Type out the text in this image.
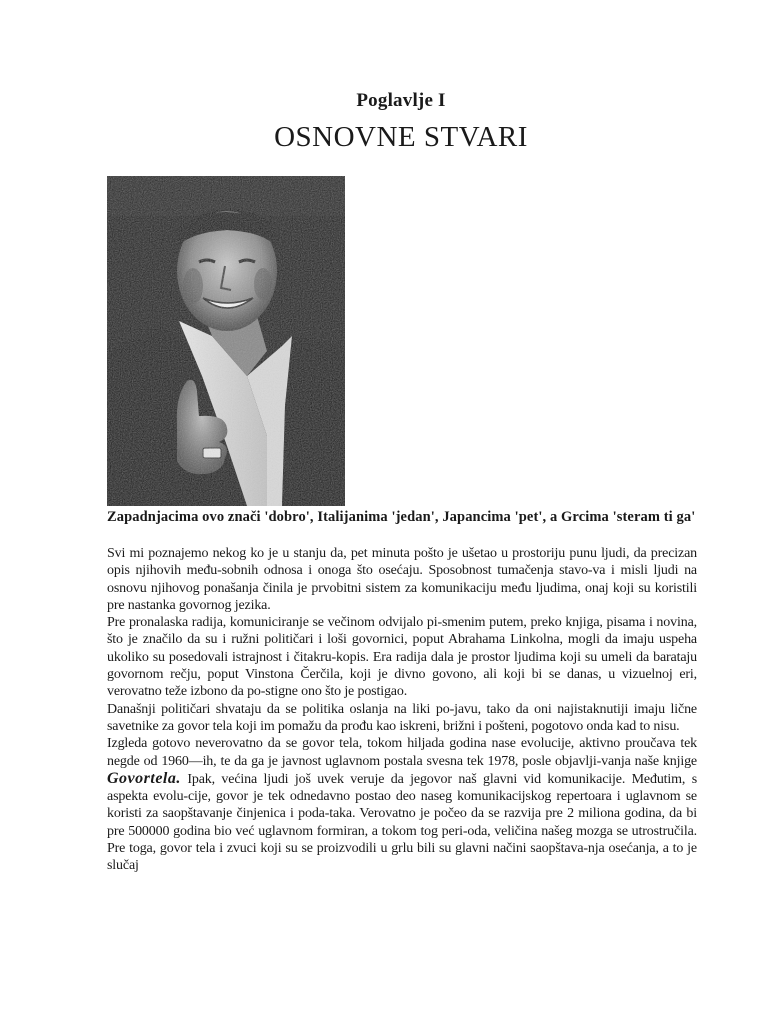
Poglavlje I
OSNOVNE STVARI
Zapadnjacima ovo znači 'dobro', Italijanima 'jedan', Japancima 'pet', a Grcima 'steram ti ga'

Svi mi poznajemo nekog ko je u stanju da, pet minuta pošto je ušetao u prostoriju punu ljudi, da precizan opis njihovih među-sobnih odnosa i onoga što osećaju. Sposobnost tumačenja stavo-va i misli ljudi na osnovu njihovog ponašanja činila je prvobitni sistem za komunikaciju među ljudima, onaj koji su koristili pre nastanka govornog jezika.

Pre pronalaska radija, komuniciranje se večinom odvijalo pi-smenim putem, preko knjiga, pisama i novina, što je značilo da su i ružni političari i loši govornici, poput Abrahama Linkolna, mogli da imaju uspeha ukoliko su posedovali istrajnost i čitakru-kopis. Era radija dala je prostor ljudima koji su umeli da barataju govornom rečju, poput Vinstona Čerčila, koji je divno govono, ali koji bi se danas, u vizuelnoj eri, verovatno teže izbono da po-stigne ono što je postigao.

Današnji političari shvataju da se politika oslanja na liki po-javu, tako da oni najistaknutiji imaju lične savetnike za govor tela koji im pomažu da prođu kao iskreni, brižni i pošteni, pogotovo onda kad to nisu.

Izgleda gotovo neverovatno da se govor tela, tokom hiljada godina nase evolucije, aktivno proučava tek negde od 1960—ih, te da ga je javnost uglavnom postala svesna tek 1978, posle objavlji-vanja naše knjige Govortela. Ipak, većina ljudi još uvek veruje da jegovor naš glavni vid komunikacije. Međutim, s aspekta evolu-cije, govor je tek odnedavno postao deo naseg komunikacijskog repertoara i uglavnom se koristi za saopštavanje činjenica i poda-taka. Verovatno je počeo da se razvija pre 2 miliona godina, da bi pre 500000 godina bio već uglavnom formiran, a tokom tog peri-oda, veličina našeg mozga se utrostručila. Pre toga, govor tela i zvuci koji su se proizvodili u grlu bili su glavni načini saopštava-nja osećanja, a to je slučaj
